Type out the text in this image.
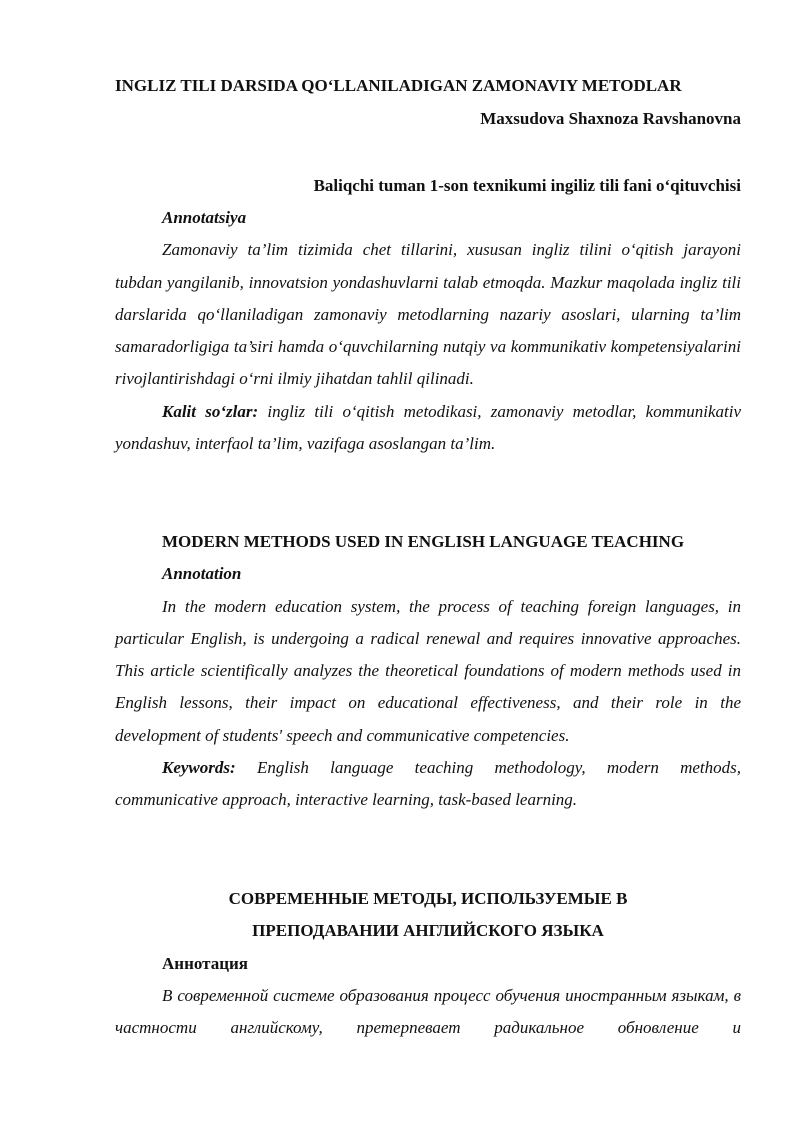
INGLIZ TILI DARSIDA QO‘LLANILADIGAN ZAMONAVIY METODLAR
Maxsudova Shaxnoza Ravshanovna
Baliqchi tuman 1-son texnikumi ingiliz tili fani o‘qituvchisi
Annotatsiya

Zamonaviy ta’lim tizimida chet tillarini, xususan ingliz tilini o‘qitish jarayoni tubdan yangilanib, innovatsion yondashuvlarni talab etmoqda. Mazkur maqolada ingliz tili darslarida qo‘llaniladigan zamonaviy metodlarning nazariy asoslari, ularning ta’lim samaradorligiga ta’siri hamda o‘quvchilarning nutqiy va kommunikativ kompetensiyalarini rivojlantirishdagi o‘rni ilmiy jihatdan tahlil qilinadi.

Kalit so‘zlar: ingliz tili o‘qitish metodikasi, zamonaviy metodlar, kommunikativ yondashuv, interfaol ta’lim, vazifaga asoslangan ta’lim.

MODERN METHODS USED IN ENGLISH LANGUAGE TEACHING
Annotation

In the modern education system, the process of teaching foreign languages, in particular English, is undergoing a radical renewal and requires innovative approaches. This article scientifically analyzes the theoretical foundations of modern methods used in English lessons, their impact on educational effectiveness, and their role in the development of students' speech and communicative competencies.

Keywords: English language teaching methodology, modern methods, communicative approach, interactive learning, task-based learning.

СОВРЕМЕННЫЕ МЕТОДЫ, ИСПОЛЬЗУЕМЫЕ В
ПРЕПОДАВАНИИ АНГЛИЙСКОГО ЯЗЫКА
Аннотация

В современной системе образования процесс обучения иностранным языкам, в частности английскому, претерпевает радикальное обновление и
